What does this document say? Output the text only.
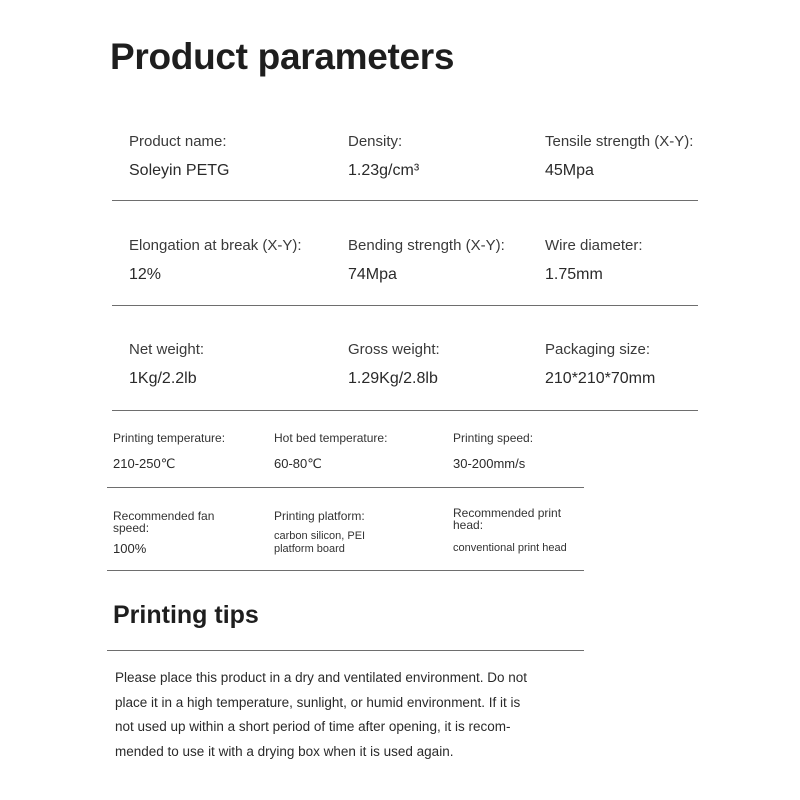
Product parameters
Product name:
Soleyin PETG
Density:
1.23g/cm³
Tensile strength (X-Y):
45Mpa
Elongation at break (X-Y):
12%
Bending strength (X-Y):
74Mpa
Wire diameter:
1.75mm
Net weight:
1Kg/2.2lb
Gross weight:
1.29Kg/2.8lb
Packaging size:
210*210*70mm
Printing temperature:
210-250℃
Hot bed temperature:
60-80℃
Printing speed:
30-200mm/s
Recommended fan
speed:
100%
Printing platform:
carbon silicon, PEI
platform board
Recommended print
head:
conventional print head
Printing tips

Please place this product in a dry and ventilated environment. Do not
place it in a high temperature, sunlight, or humid environment. If it is
not used up within a short period of time after opening, it is recom-
mended to use it with a drying box when it is used again.
